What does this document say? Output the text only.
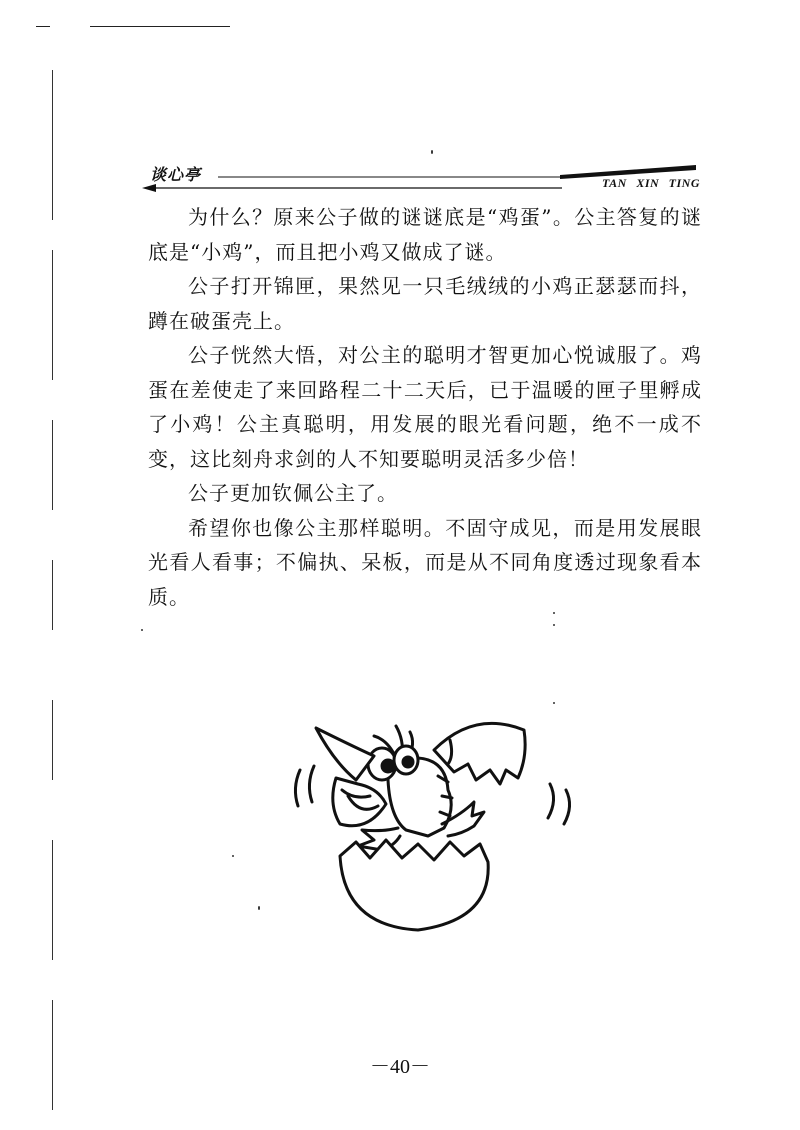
谈心亭	TAN XIN TING

为什么？原来公子做的谜谜底是“鸡蛋”。公主答复的谜底是“小鸡”，而且把小鸡又做成了谜。

公子打开锦匣，果然见一只毛绒绒的小鸡正瑟瑟而抖，蹲在破蛋壳上。

公子恍然大悟，对公主的聪明才智更加心悦诚服了。鸡蛋在差使走了来回路程二十二天后，已于温暖的匣子里孵成了小鸡！公主真聪明，用发展的眼光看问题，绝不一成不变，这比刻舟求剑的人不知要聪明灵活多少倍！

公子更加钦佩公主了。

希望你也像公主那样聪明。不固守成见，而是用发展眼光看人看事；不偏执、呆板，而是从不同角度透过现象看本质。

－40－
